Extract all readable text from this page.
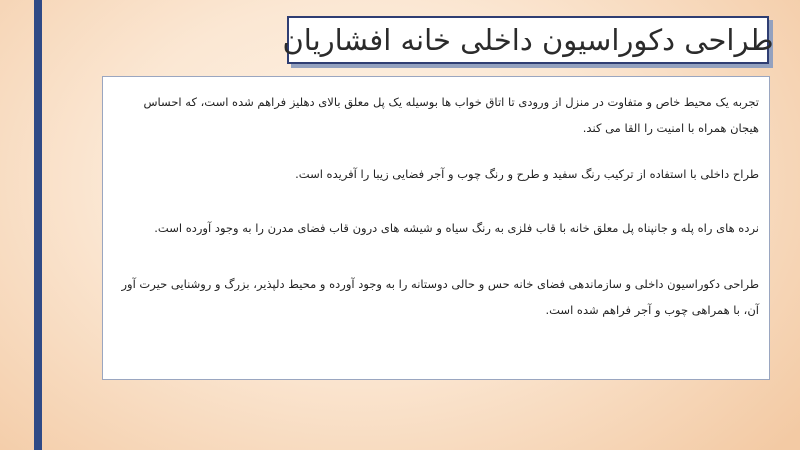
طراحی دکوراسیون داخلی خانه افشاریان

تجربه یک محیط خاص و متفاوت در منزل از ورودی تا اتاق خواب ها بوسیله یک پل معلق بالای دهلیز فراهم شده است، که احساس هیجان همراه با امنیت را القا می کند.

طراح داخلی با استفاده از ترکیب رنگ سفید و طرح و رنگ چوب و آجر فضایی زیبا را آفریده است.

نرده های راه پله و جانپناه پل معلق خانه با قاب فلزی به رنگ سیاه و شیشه های درون قاب فضای مدرن را به وجود آورده است.

طراحی دکوراسیون داخلی و سازماندهی فضای خانه حس و حالی دوستانه را به وجود آورده و محیط دلپذیر، بزرگ و روشنایی حیرت آور آن، با همراهی چوب و آجر فراهم شده است.
